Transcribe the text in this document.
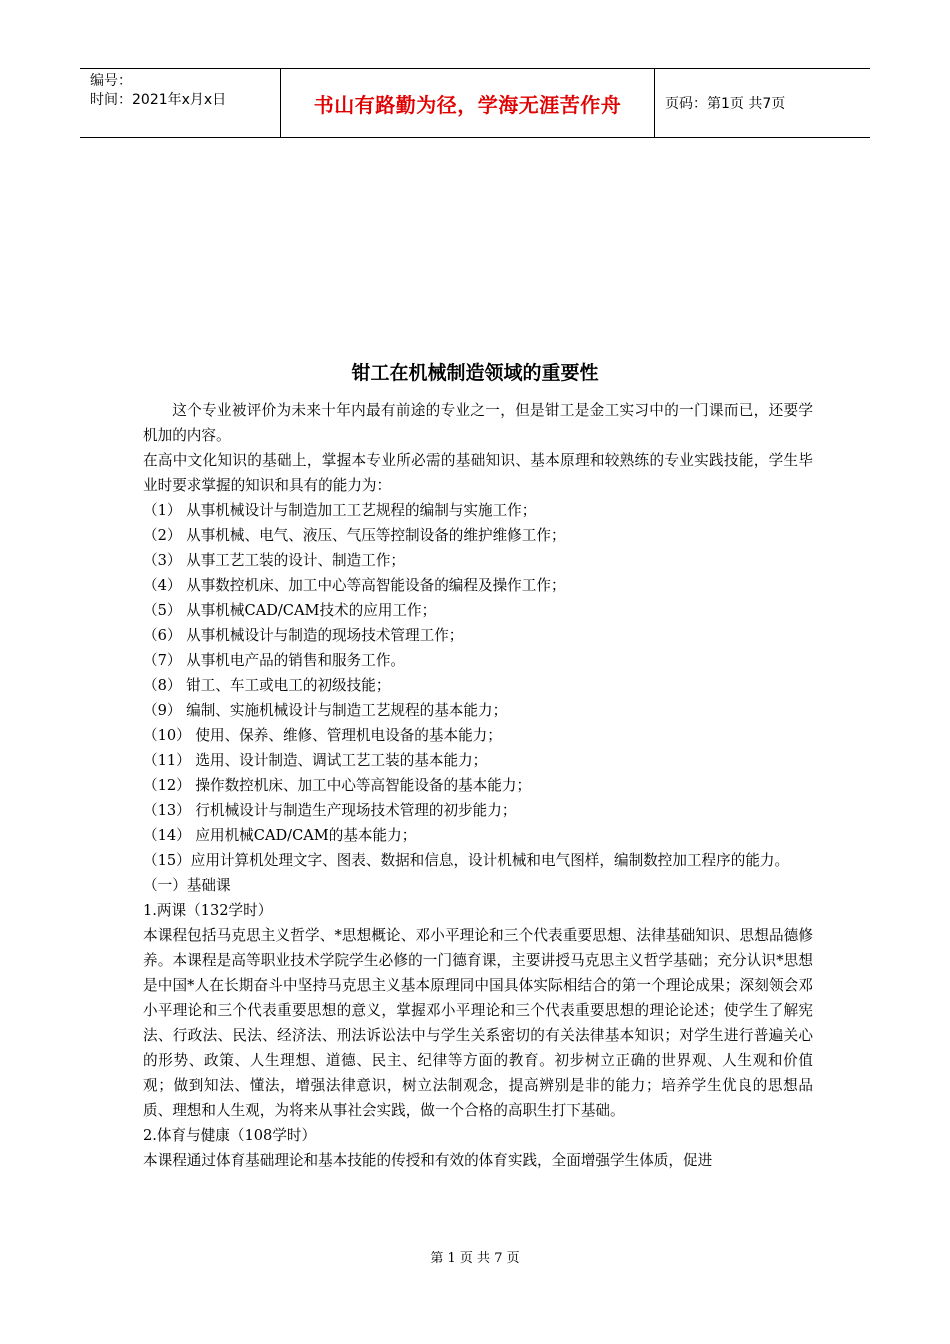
编号：
时间：2021年x月x日	书山有路勤为径，学海无涯苦作舟	页码：第1页 共7页
钳工在机械制造领域的重要性

这个专业被评价为未来十年内最有前途的专业之一，但是钳工是金工实习中的一门课而已，还要学机加的内容。

在高中文化知识的基础上，掌握本专业所必需的基础知识、基本原理和较熟练的专业实践技能，学生毕业时要求掌握的知识和具有的能力为：

（1） 从事机械设计与制造加工工艺规程的编制与实施工作；

（2） 从事机械、电气、液压、气压等控制设备的维护维修工作；

（3） 从事工艺工装的设计、制造工作；

（4） 从事数控机床、加工中心等高智能设备的编程及操作工作；

（5） 从事机械CAD/CAM技术的应用工作；

（6） 从事机械设计与制造的现场技术管理工作；

（7） 从事机电产品的销售和服务工作。

（8） 钳工、车工或电工的初级技能；

（9） 编制、实施机械设计与制造工艺规程的基本能力；

（10） 使用、保养、维修、管理机电设备的基本能力；

（11） 选用、设计制造、调试工艺工装的基本能力；

（12） 操作数控机床、加工中心等高智能设备的基本能力；

（13） 行机械设计与制造生产现场技术管理的初步能力；

（14） 应用机械CAD/CAM的基本能力；

（15）应用计算机处理文字、图表、数据和信息，设计机械和电气图样，编制数控加工程序的能力。

（一）基础课

1.两课（132学时）

本课程包括马克思主义哲学、*思想概论、邓小平理论和三个代表重要思想、法律基础知识、思想品德修养。本课程是高等职业技术学院学生必修的一门德育课，主要讲授马克思主义哲学基础；充分认识*思想是中国*人在长期奋斗中坚持马克思主义基本原理同中国具体实际相结合的第一个理论成果；深刻领会邓小平理论和三个代表重要思想的意义，掌握邓小平理论和三个代表重要思想的理论论述；使学生了解宪法、行政法、民法、经济法、刑法诉讼法中与学生关系密切的有关法律基本知识；对学生进行普遍关心的形势、政策、人生理想、道德、民主、纪律等方面的教育。初步树立正确的世界观、人生观和价值观；做到知法、懂法，增强法律意识，树立法制观念，提高辨别是非的能力；培养学生优良的思想品质、理想和人生观，为将来从事社会实践，做一个合格的高职生打下基础。

2.体育与健康（108学时）

本课程通过体育基础理论和基本技能的传授和有效的体育实践，全面增强学生体质，促进

第 1 页 共 7 页
